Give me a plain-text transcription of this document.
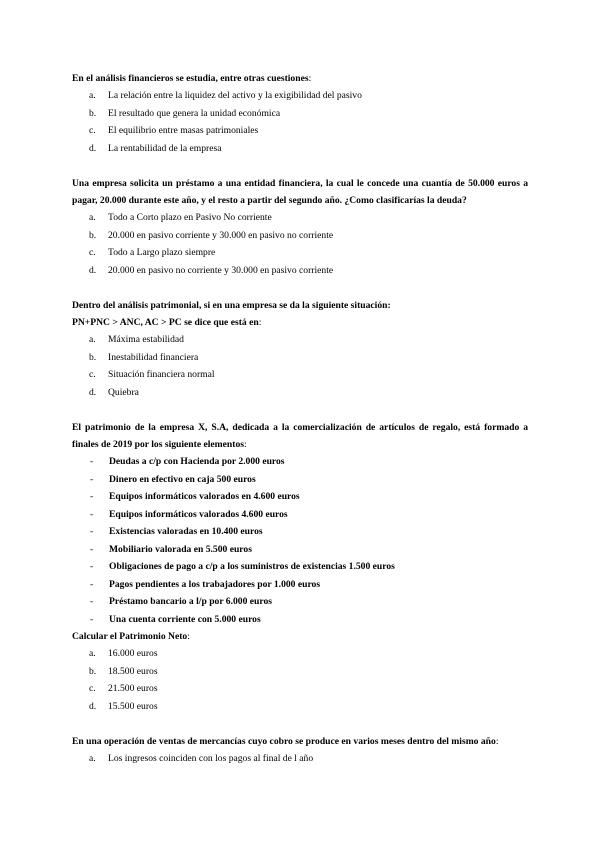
En el análisis financieros se estudia, entre otras cuestiones:

a.	La relación entre la liquidez del activo y la exigibilidad del pasivo
b.	El resultado que genera la unidad económica
c.	El equilibrio entre masas patrimoniales
d.	La rentabilidad de la empresa

Una empresa solicita un préstamo a una entidad financiera, la cual le concede una cuantía de 50.000 euros a pagar, 20.000 durante este año, y el resto a partir del segundo año. ¿Como clasificarías la deuda?

a.	Todo a Corto plazo en Pasivo No corriente
b.	20.000 en pasivo corriente y 30.000 en pasivo no corriente
c.	Todo a Largo plazo siempre
d.	20.000 en pasivo no corriente y 30.000 en pasivo corriente

Dentro del análisis patrimonial, si en una empresa se da la siguiente situación:

PN+PNC > ANC, AC > PC se dice que está en:

a.	Máxima estabilidad
b.	Inestabilidad financiera
c.	Situación financiera normal
d.	Quiebra

El patrimonio de la empresa X, S.A, dedicada a la comercialización de artículos de regalo, está formado a finales de 2019 por los siguiente elementos:

- Deudas a c/p con Hacienda por 2.000 euros
- Dinero en efectivo en caja 500 euros
- Equipos informáticos valorados en 4.600 euros
- Equipos informáticos valorados 4.600 euros
- Existencias valoradas en 10.400 euros
- Mobiliario valorada en 5.500 euros
- Obligaciones de pago a c/p a los suministros de existencias 1.500 euros
- Pagos pendientes a los trabajadores por 1.000 euros
- Préstamo bancario a l/p por 6.000 euros
- Una cuenta corriente con 5.000 euros

Calcular el Patrimonio Neto:

a.	16.000 euros
b.	18.500 euros
c.	21.500 euros
d.	15.500 euros

En una operación de ventas de mercancías cuyo cobro se produce en varios meses dentro del mismo año:

a.	Los ingresos coinciden con los pagos al final de l año
